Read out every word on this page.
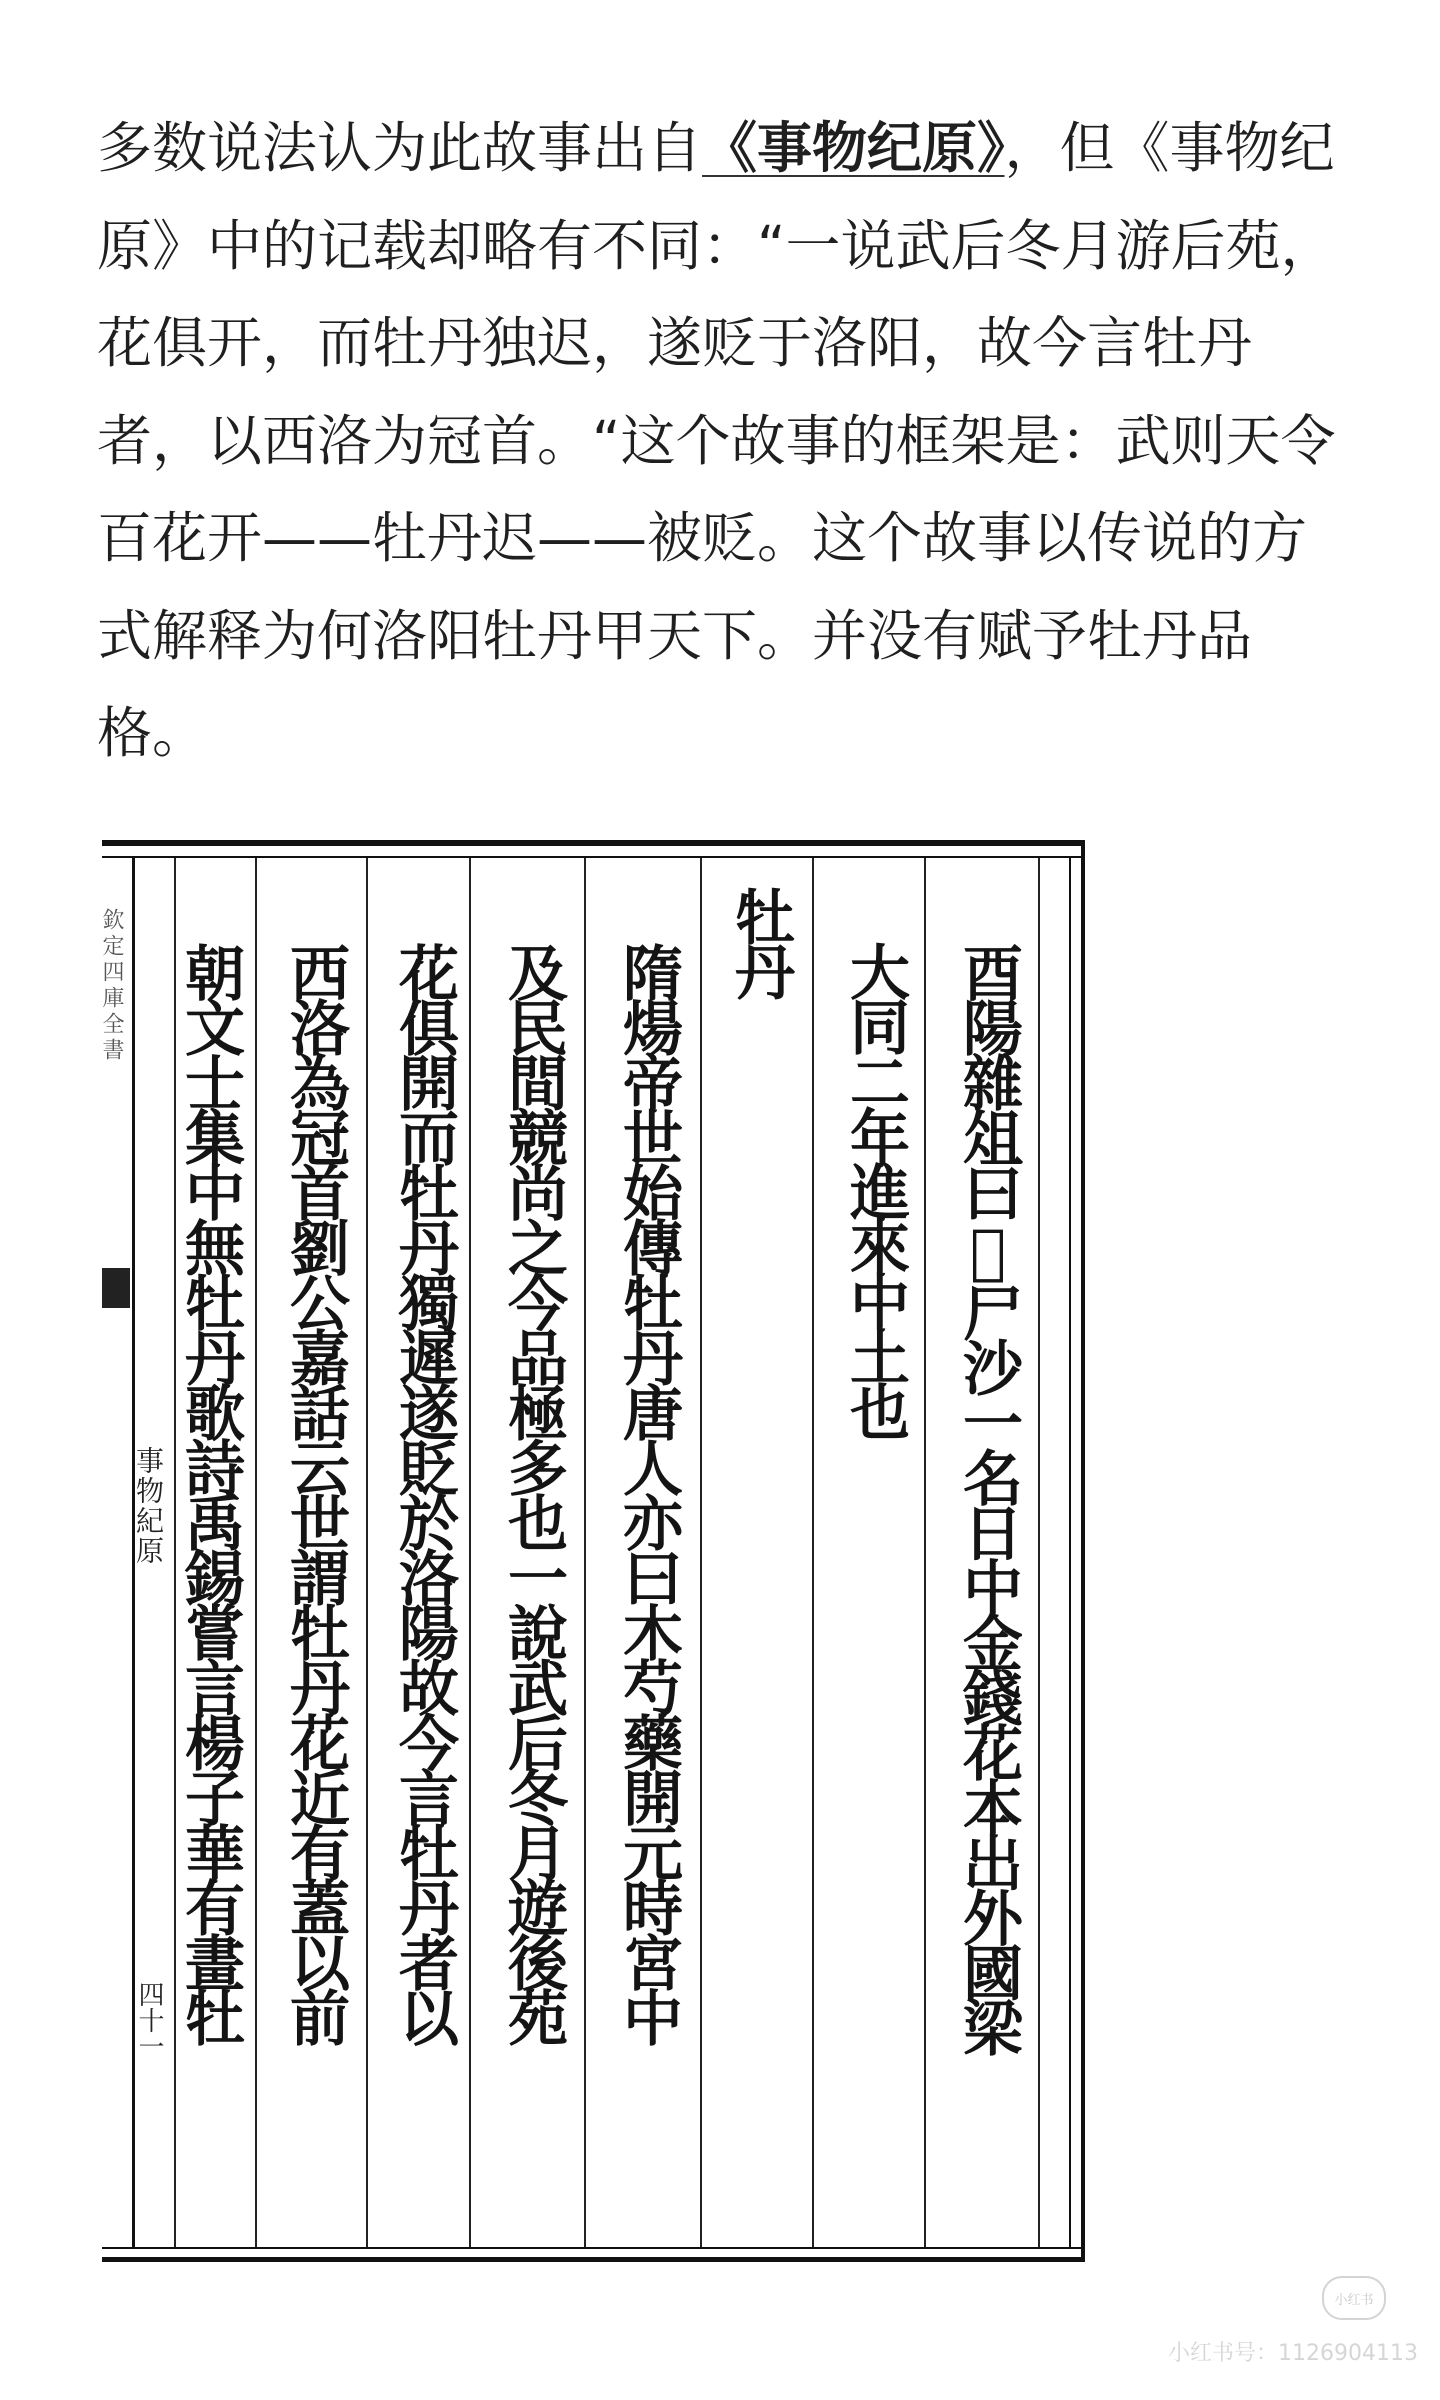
多数说法认为此故事出自《事物纪原》，但《事物纪原》中的记载却略有不同：“一说武后冬月游后苑，花俱开，而牡丹独迟，遂贬于洛阳，故今言牡丹者，以西洛为冠首。“这个故事的框架是：武则天令百花开——牡丹迟——被贬。这个故事以传说的方式解释为何洛阳牡丹甲天下。并没有赋予牡丹品格。

欽定四庫全書
事物紀原
四十一	酉陽雜俎曰𣈆尸沙一名日中金錢花本出外國梁
大同二年進來中土也
牡丹
隋煬帝世始傳牡丹唐人亦曰木芍藥開元時宮中
及民間競尚之今品極多也一說武后冬月遊後苑
花俱開而牡丹獨遲遂貶於洛陽故今言牡丹者以
西洛為冠首劉公嘉話云世謂牡丹花近有蓋以前
朝文士集中無牡丹歌詩禹錫嘗言楊子華有畫牡
小红书
小红书号：1126904113
